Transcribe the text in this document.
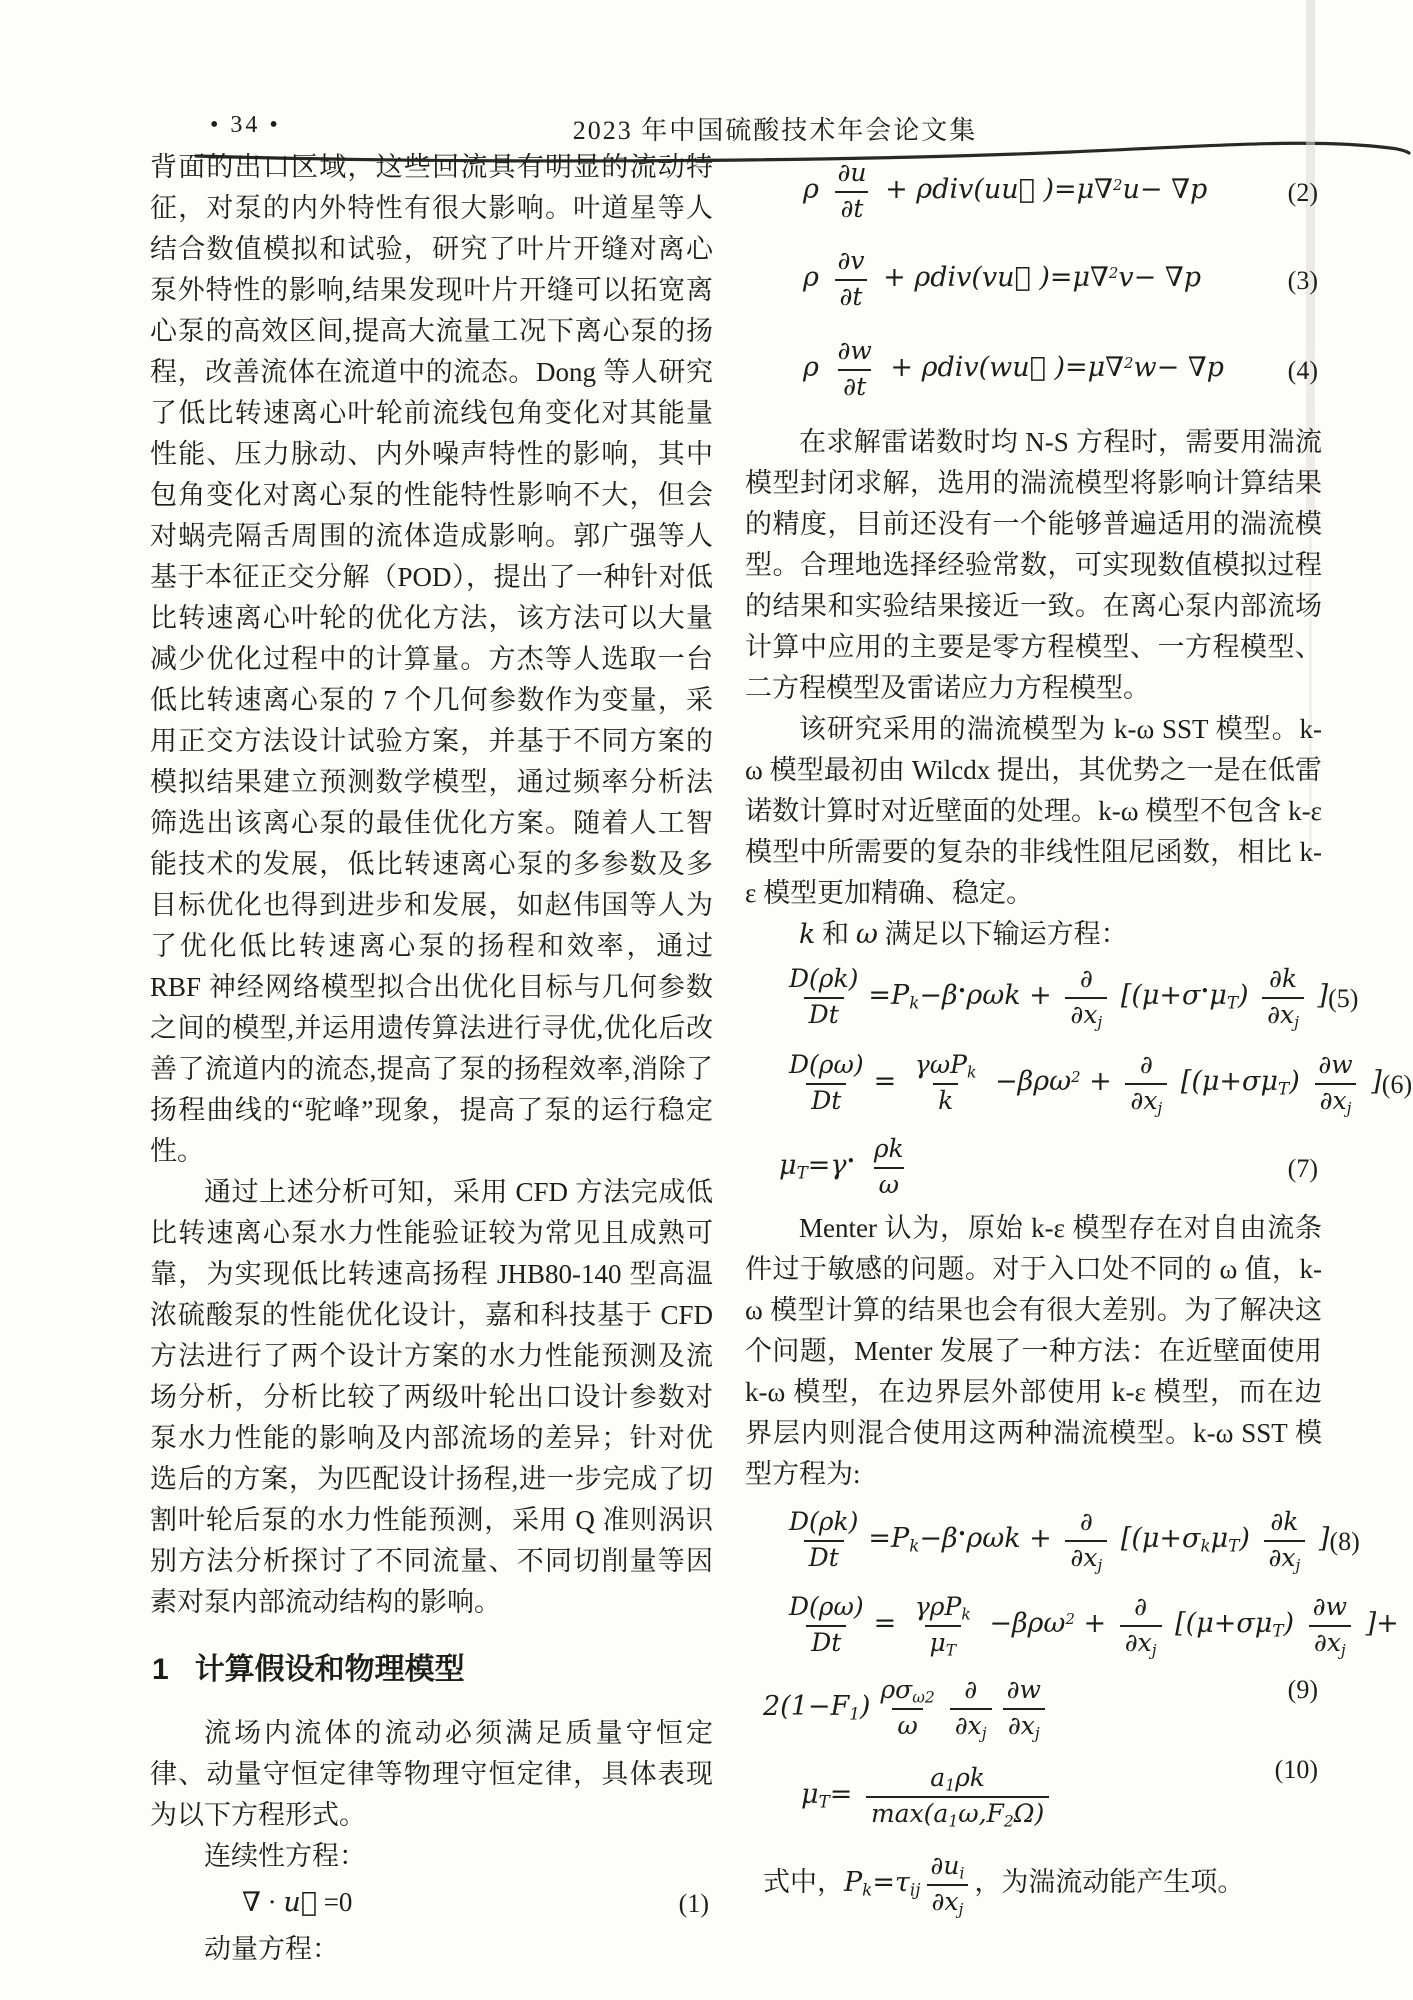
• 34 •	2023 年中国硫酸技术年会论文集

背面的出口区域，这些回流具有明显的流动特征，对泵的内外特性有很大影响。叶道星等人结合数值模拟和试验，研究了叶片开缝对离心泵外特性的影响,结果发现叶片开缝可以拓宽离心泵的高效区间,提高大流量工况下离心泵的扬程，改善流体在流道中的流态。Dong 等人研究了低比转速离心叶轮前流线包角变化对其能量性能、压力脉动、内外噪声特性的影响，其中包角变化对离心泵的性能特性影响不大，但会对蜗壳隔舌周围的流体造成影响。郭广强等人基于本征正交分解（POD），提出了一种针对低比转速离心叶轮的优化方法，该方法可以大量减少优化过程中的计算量。方杰等人选取一台低比转速离心泵的 7 个几何参数作为变量，采用正交方法设计试验方案，并基于不同方案的模拟结果建立预测数学模型，通过频率分析法筛选出该离心泵的最佳优化方案。随着人工智能技术的发展，低比转速离心泵的多参数及多目标优化也得到进步和发展，如赵伟国等人为了优化低比转速离心泵的扬程和效率，通过 RBF 神经网络模型拟合出优化目标与几何参数之间的模型,并运用遗传算法进行寻优,优化后改善了流道内的流态,提高了泵的扬程效率,消除了扬程曲线的“驼峰”现象，提高了泵的运行稳定性。

通过上述分析可知，采用 CFD 方法完成低比转速离心泵水力性能验证较为常见且成熟可靠，为实现低比转速高扬程 JHB80-140 型高温浓硫酸泵的性能优化设计，嘉和科技基于 CFD 方法进行了两个设计方案的水力性能预测及流场分析，分析比较了两级叶轮出口设计参数对泵水力性能的影响及内部流场的差异；针对优选后的方案，为匹配设计扬程,进一步完成了切割叶轮后泵的水力性能预测，采用 Q 准则涡识别方法分析探讨了不同流量、不同切削量等因素对泵内部流动结构的影响。

1 计算假设和物理模型

流场内流体的流动必须满足质量守恒定律、动量守恒定律等物理守恒定律，具体表现为以下方程形式。

连续性方程：

∇ · u⃗ =0	(1)

动量方程：

ρ $\frac{\partial u}{\partial t}$ + ρdiv(uu⃗ )=μ∇$^2$u− ∇p	(2)
ρ $\frac{\partial v}{\partial t}$ + ρdiv(vu⃗ )=μ∇$^2$v− ∇p	(3)
ρ $\frac{\partial w}{\partial t}$ + ρdiv(wu⃗ )=μ∇$^2$w− ∇p (4)

在求解雷诺数时均 N-S 方程时，需要用湍流模型封闭求解，选用的湍流模型将影响计算结果的精度，目前还没有一个能够普遍适用的湍流模型。合理地选择经验常数，可实现数值模拟过程的结果和实验结果接近一致。在离心泵内部流场计算中应用的主要是零方程模型、一方程模型、二方程模型及雷诺应力方程模型。

该研究采用的湍流模型为 k-ω SST 模型。k-ω 模型最初由 Wilcdx 提出，其优势之一是在低雷诺数计算时对近壁面的处理。k-ω 模型不包含 k-ε 模型中所需要的复杂的非线性阻尼函数，相比 k-ε 模型更加精确、稳定。

k 和 ω 满足以下输运方程：
$\frac{D(\rho k)}{Dt} =P_k-\beta^•\rho\omega k + \frac{\partial}{\partial x_j} [(\mu+\sigma^•\mu_T) \frac{\partial k}{\partial x_j}$ ] (5)
$\frac{D(\rho\omega)}{Dt} = \frac{\gamma\omega P_k}{k} -\beta\rho\omega^2 + \frac{\partial}{\partial x_j} [(\mu+\sigma\mu_T) \frac{\partial w}{\partial x_j}$ ] (6)
$\mu_T=\gamma^• \frac{\rho k}{\omega}$	(7)

Menter 认为，原始 k-ε 模型存在对自由流条件过于敏感的问题。对于入口处不同的 ω 值，k-ω 模型计算的结果也会有很大差别。为了解决这个问题，Menter 发展了一种方法：在近壁面使用 k-ω 模型，在边界层外部使用 k-ε 模型，而在边界层内则混合使用这两种湍流模型。k-ω SST 模型方程为:

$\frac{D(\rho k)}{Dt} =P_k-\beta^•\rho\omega k + \frac{\partial}{\partial x_j} [(\mu+\sigma_k\mu_T) \frac{\partial k}{\partial x_j}$ ] (8)
$\frac{D(\rho\omega)}{Dt} = \frac{\gamma\rho P_k}{\mu_T} -\beta\rho\omega^2 + \frac{\partial}{\partial x_j} [(\mu+\sigma\mu_T) \frac{\partial w}{\partial x_j}$ ]+
$2(1-F_1) \frac{\rho\sigma_{\omega 2}}{\omega} \frac{\partial}{\partial x_j} \frac{\partial w}{\partial x_j}$	(9)
$\mu_T= \frac{a_1\rho k}{\max(a_1\omega,F_2\Omega)}$	(10)
式中，$P_k=\tau_{ij} \frac{\partial u_i}{\partial x_j}$ ，为湍流动能产生项。
